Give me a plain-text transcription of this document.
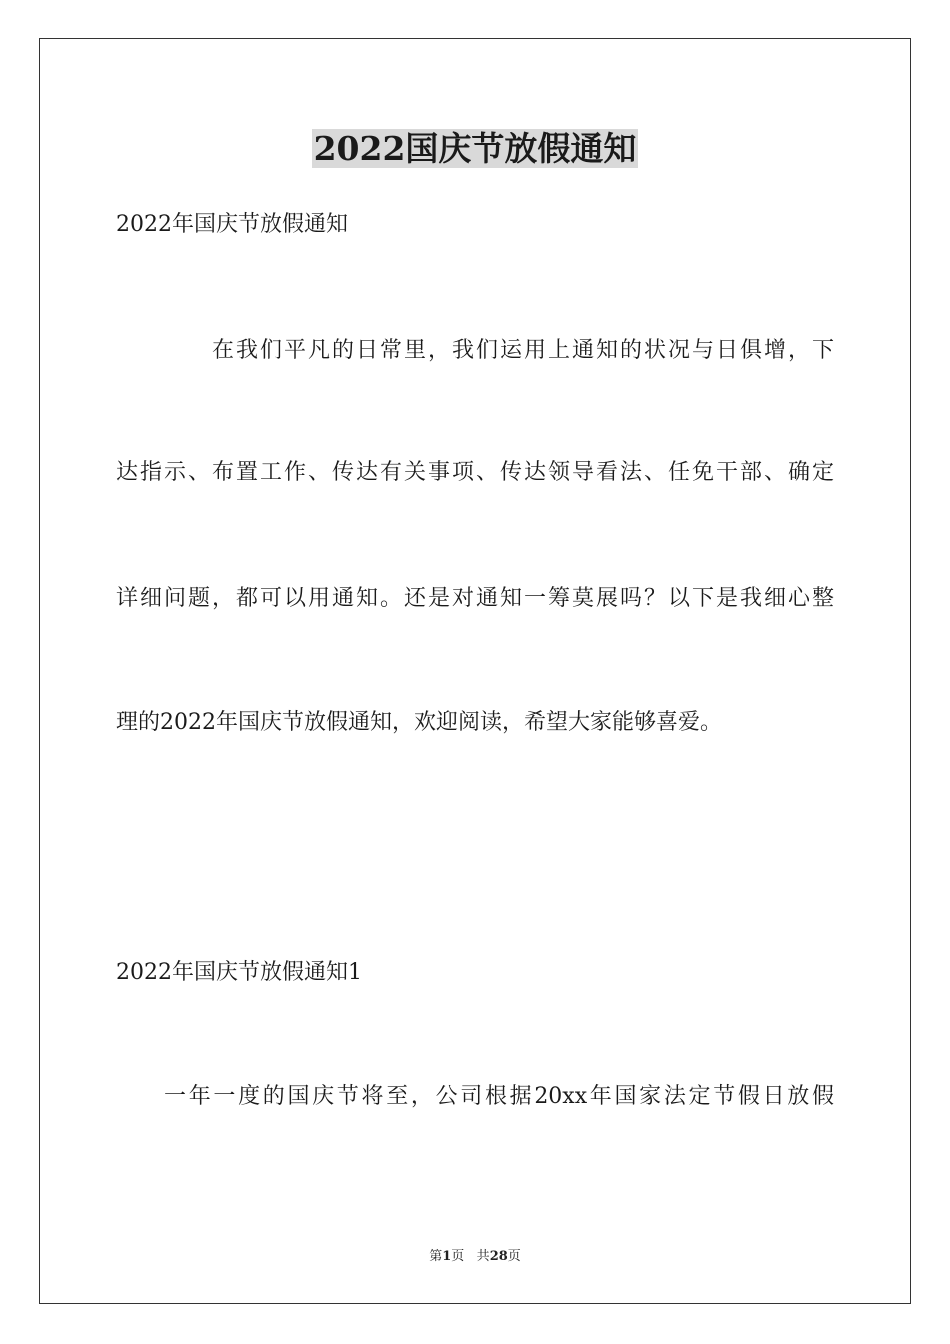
2022国庆节放假通知
2022年国庆节放假通知
在我们平凡的日常里，我们运用上通知的状况与日俱增，下
达指示、布置工作、传达有关事项、传达领导看法、任免干部、确定
详细问题，都可以用通知。还是对通知一筹莫展吗？以下是我细心整
理的2022年国庆节放假通知，欢迎阅读，希望大家能够喜爱。
2022年国庆节放假通知1
一年一度的国庆节将至，公司根据20xx年国家法定节假日放假
第1页 共28页
